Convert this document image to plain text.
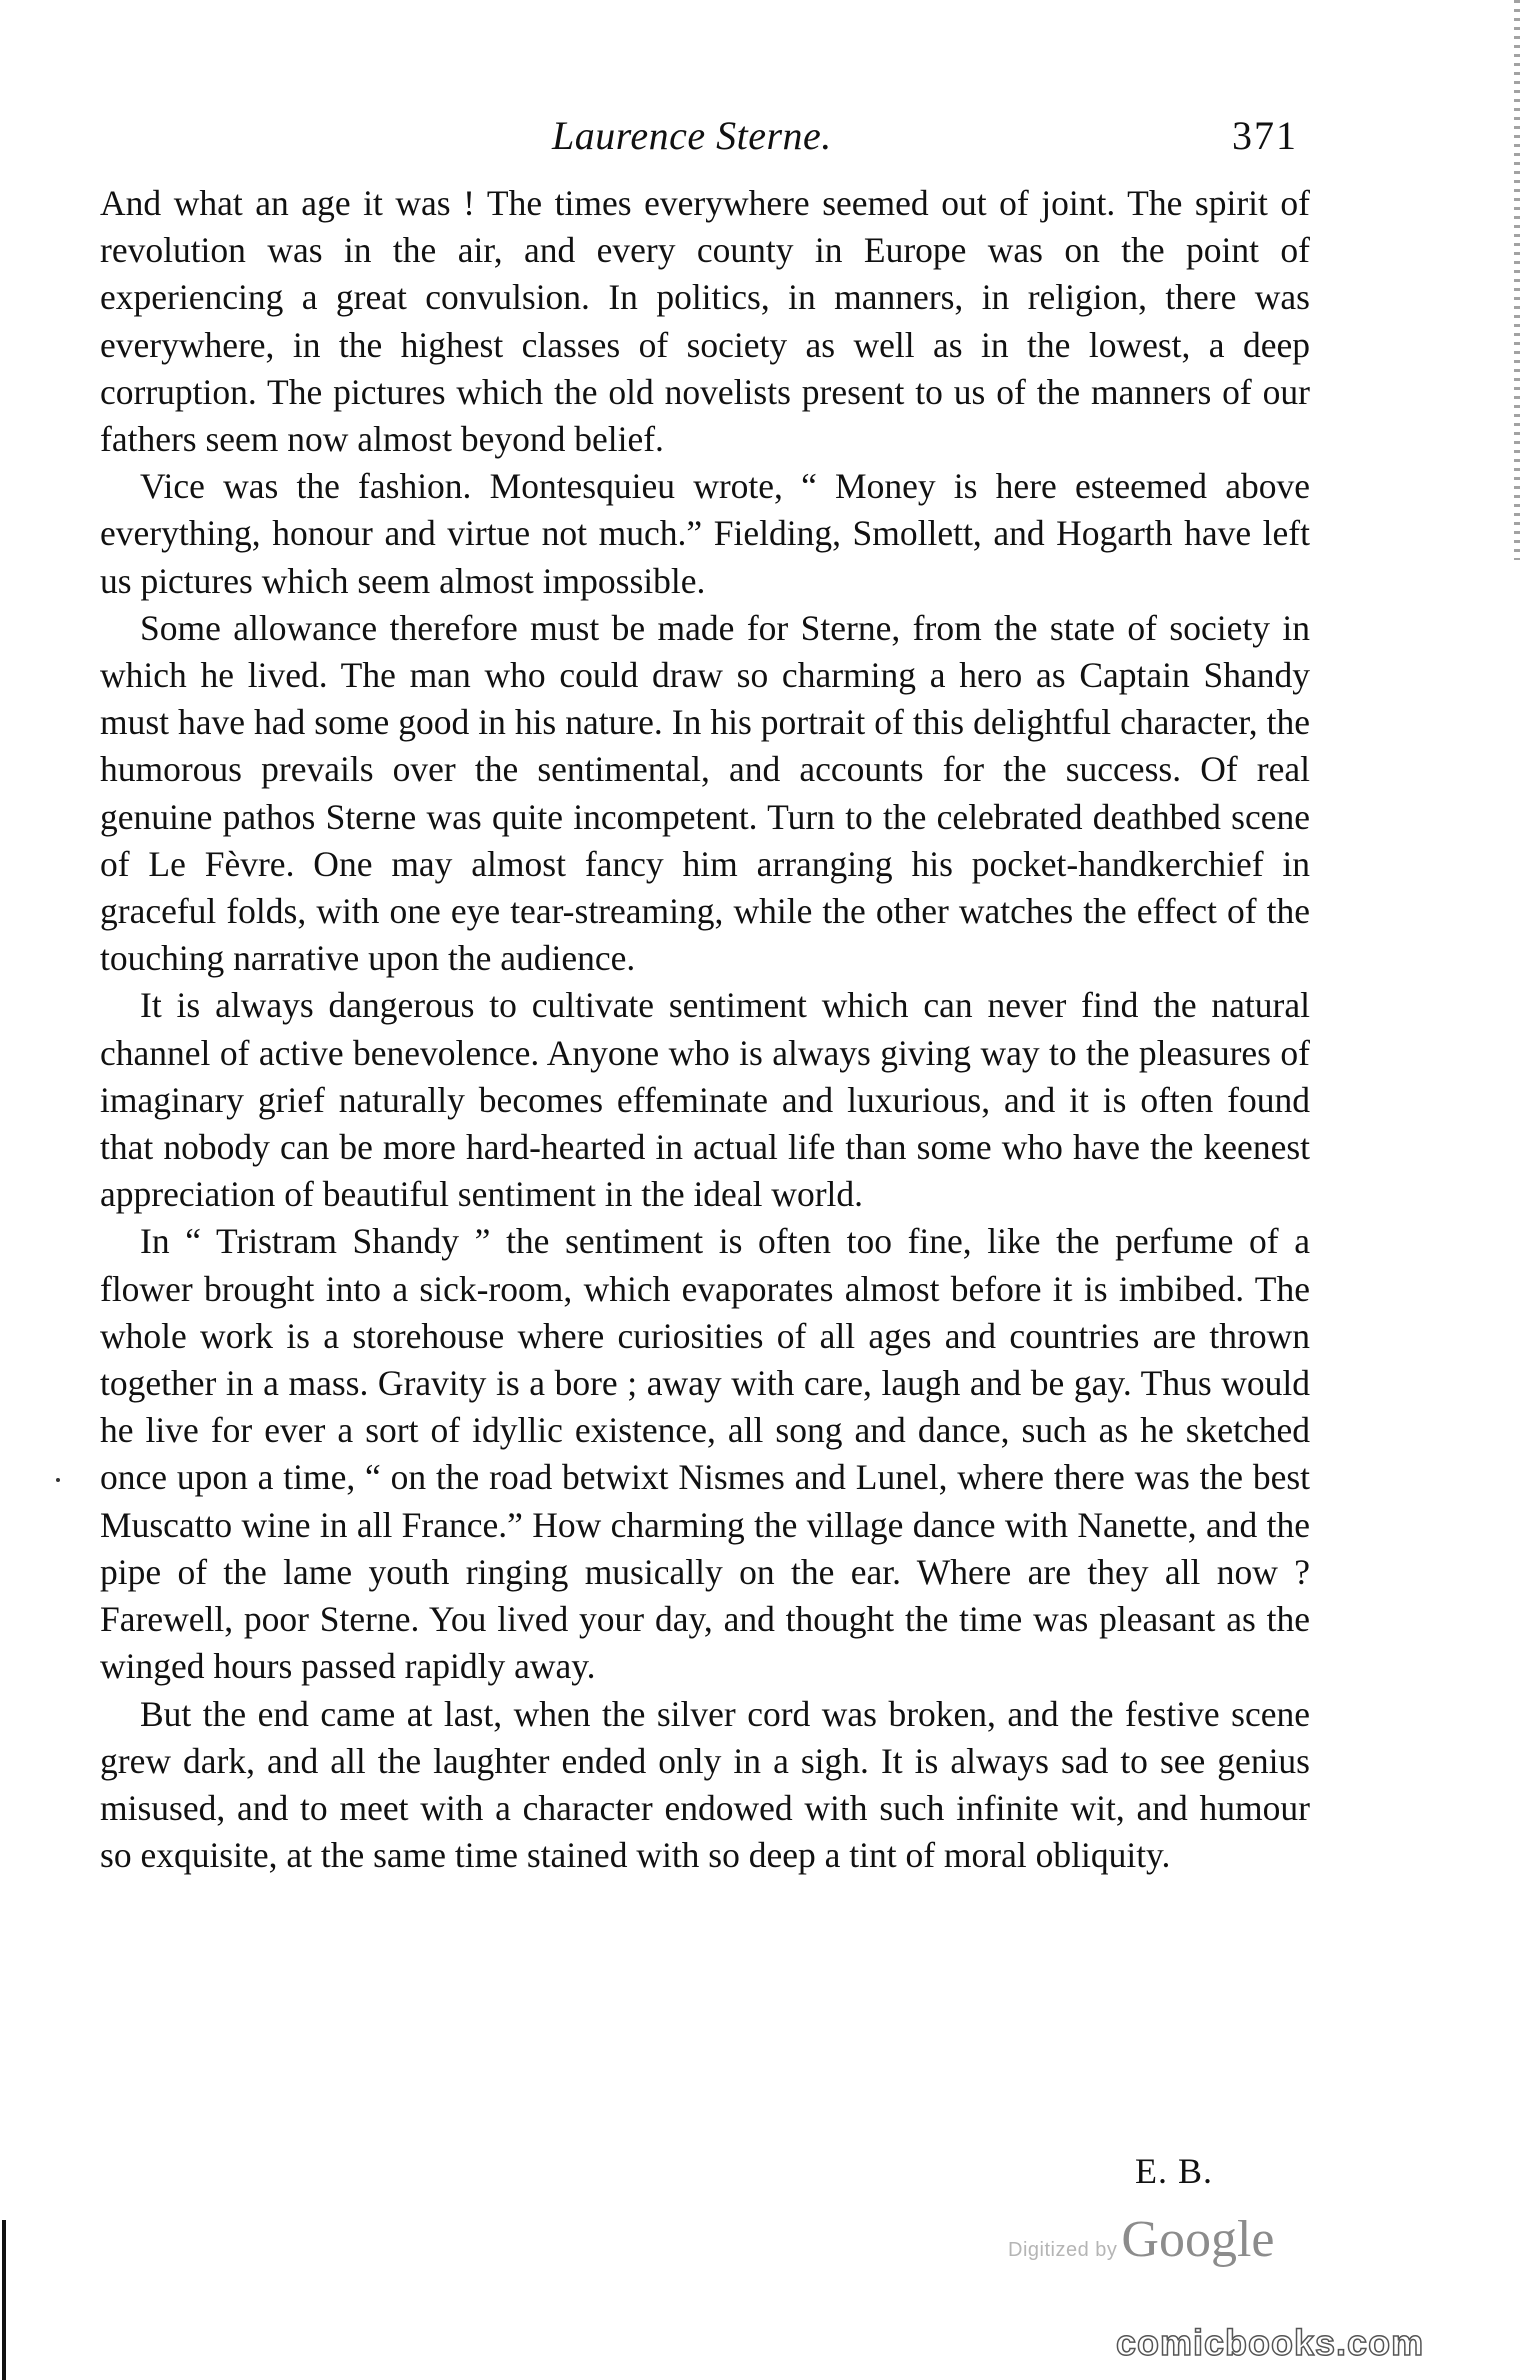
Laurence Sterne.	371

And what an age it was ! The times everywhere seemed out of joint. The spirit of revolution was in the air, and every county in Europe was on the point of experiencing a great convulsion. In politics, in manners, in religion, there was everywhere, in the highest classes of society as well as in the lowest, a deep corruption. The pictures which the old novelists present to us of the manners of our fathers seem now almost beyond belief.

Vice was the fashion. Montesquieu wrote, “ Money is here esteemed above everything, honour and virtue not much.” Fielding, Smollett, and Hogarth have left us pictures which seem almost impossible.

Some allowance therefore must be made for Sterne, from the state of society in which he lived. The man who could draw so charming a hero as Captain Shandy must have had some good in his nature. In his portrait of this delightful character, the humorous prevails over the sentimental, and accounts for the success. Of real genuine pathos Sterne was quite incompetent. Turn to the celebrated deathbed scene of Le Fèvre. One may almost fancy him arranging his pocket-handkerchief in graceful folds, with one eye tear-streaming, while the other watches the effect of the touching narrative upon the audience.

It is always dangerous to cultivate sentiment which can never find the natural channel of active benevolence. Anyone who is always giving way to the pleasures of imaginary grief naturally becomes effeminate and luxurious, and it is often found that nobody can be more hard-hearted in actual life than some who have the keenest appreciation of beautiful sentiment in the ideal world.

In “ Tristram Shandy ” the sentiment is often too fine, like the perfume of a flower brought into a sick-room, which evaporates almost before it is imbibed. The whole work is a storehouse where curiosities of all ages and countries are thrown together in a mass. Gravity is a bore ; away with care, laugh and be gay. Thus would he live for ever a sort of idyllic existence, all song and dance, such as he sketched once upon a time, “ on the road betwixt Nismes and Lunel, where there was the best Muscatto wine in all France.” How charming the village dance with Nanette, and the pipe of the lame youth ringing musically on the ear. Where are they all now ? Farewell, poor Sterne. You lived your day, and thought the time was pleasant as the winged hours passed rapidly away.

But the end came at last, when the silver cord was broken, and the festive scene grew dark, and all the laughter ended only in a sigh. It is always sad to see genius misused, and to meet with a character endowed with such infinite wit, and humour so exquisite, at the same time stained with so deep a tint of moral obliquity.

E. B.
Digitized byGoogle
comicbooks.com
